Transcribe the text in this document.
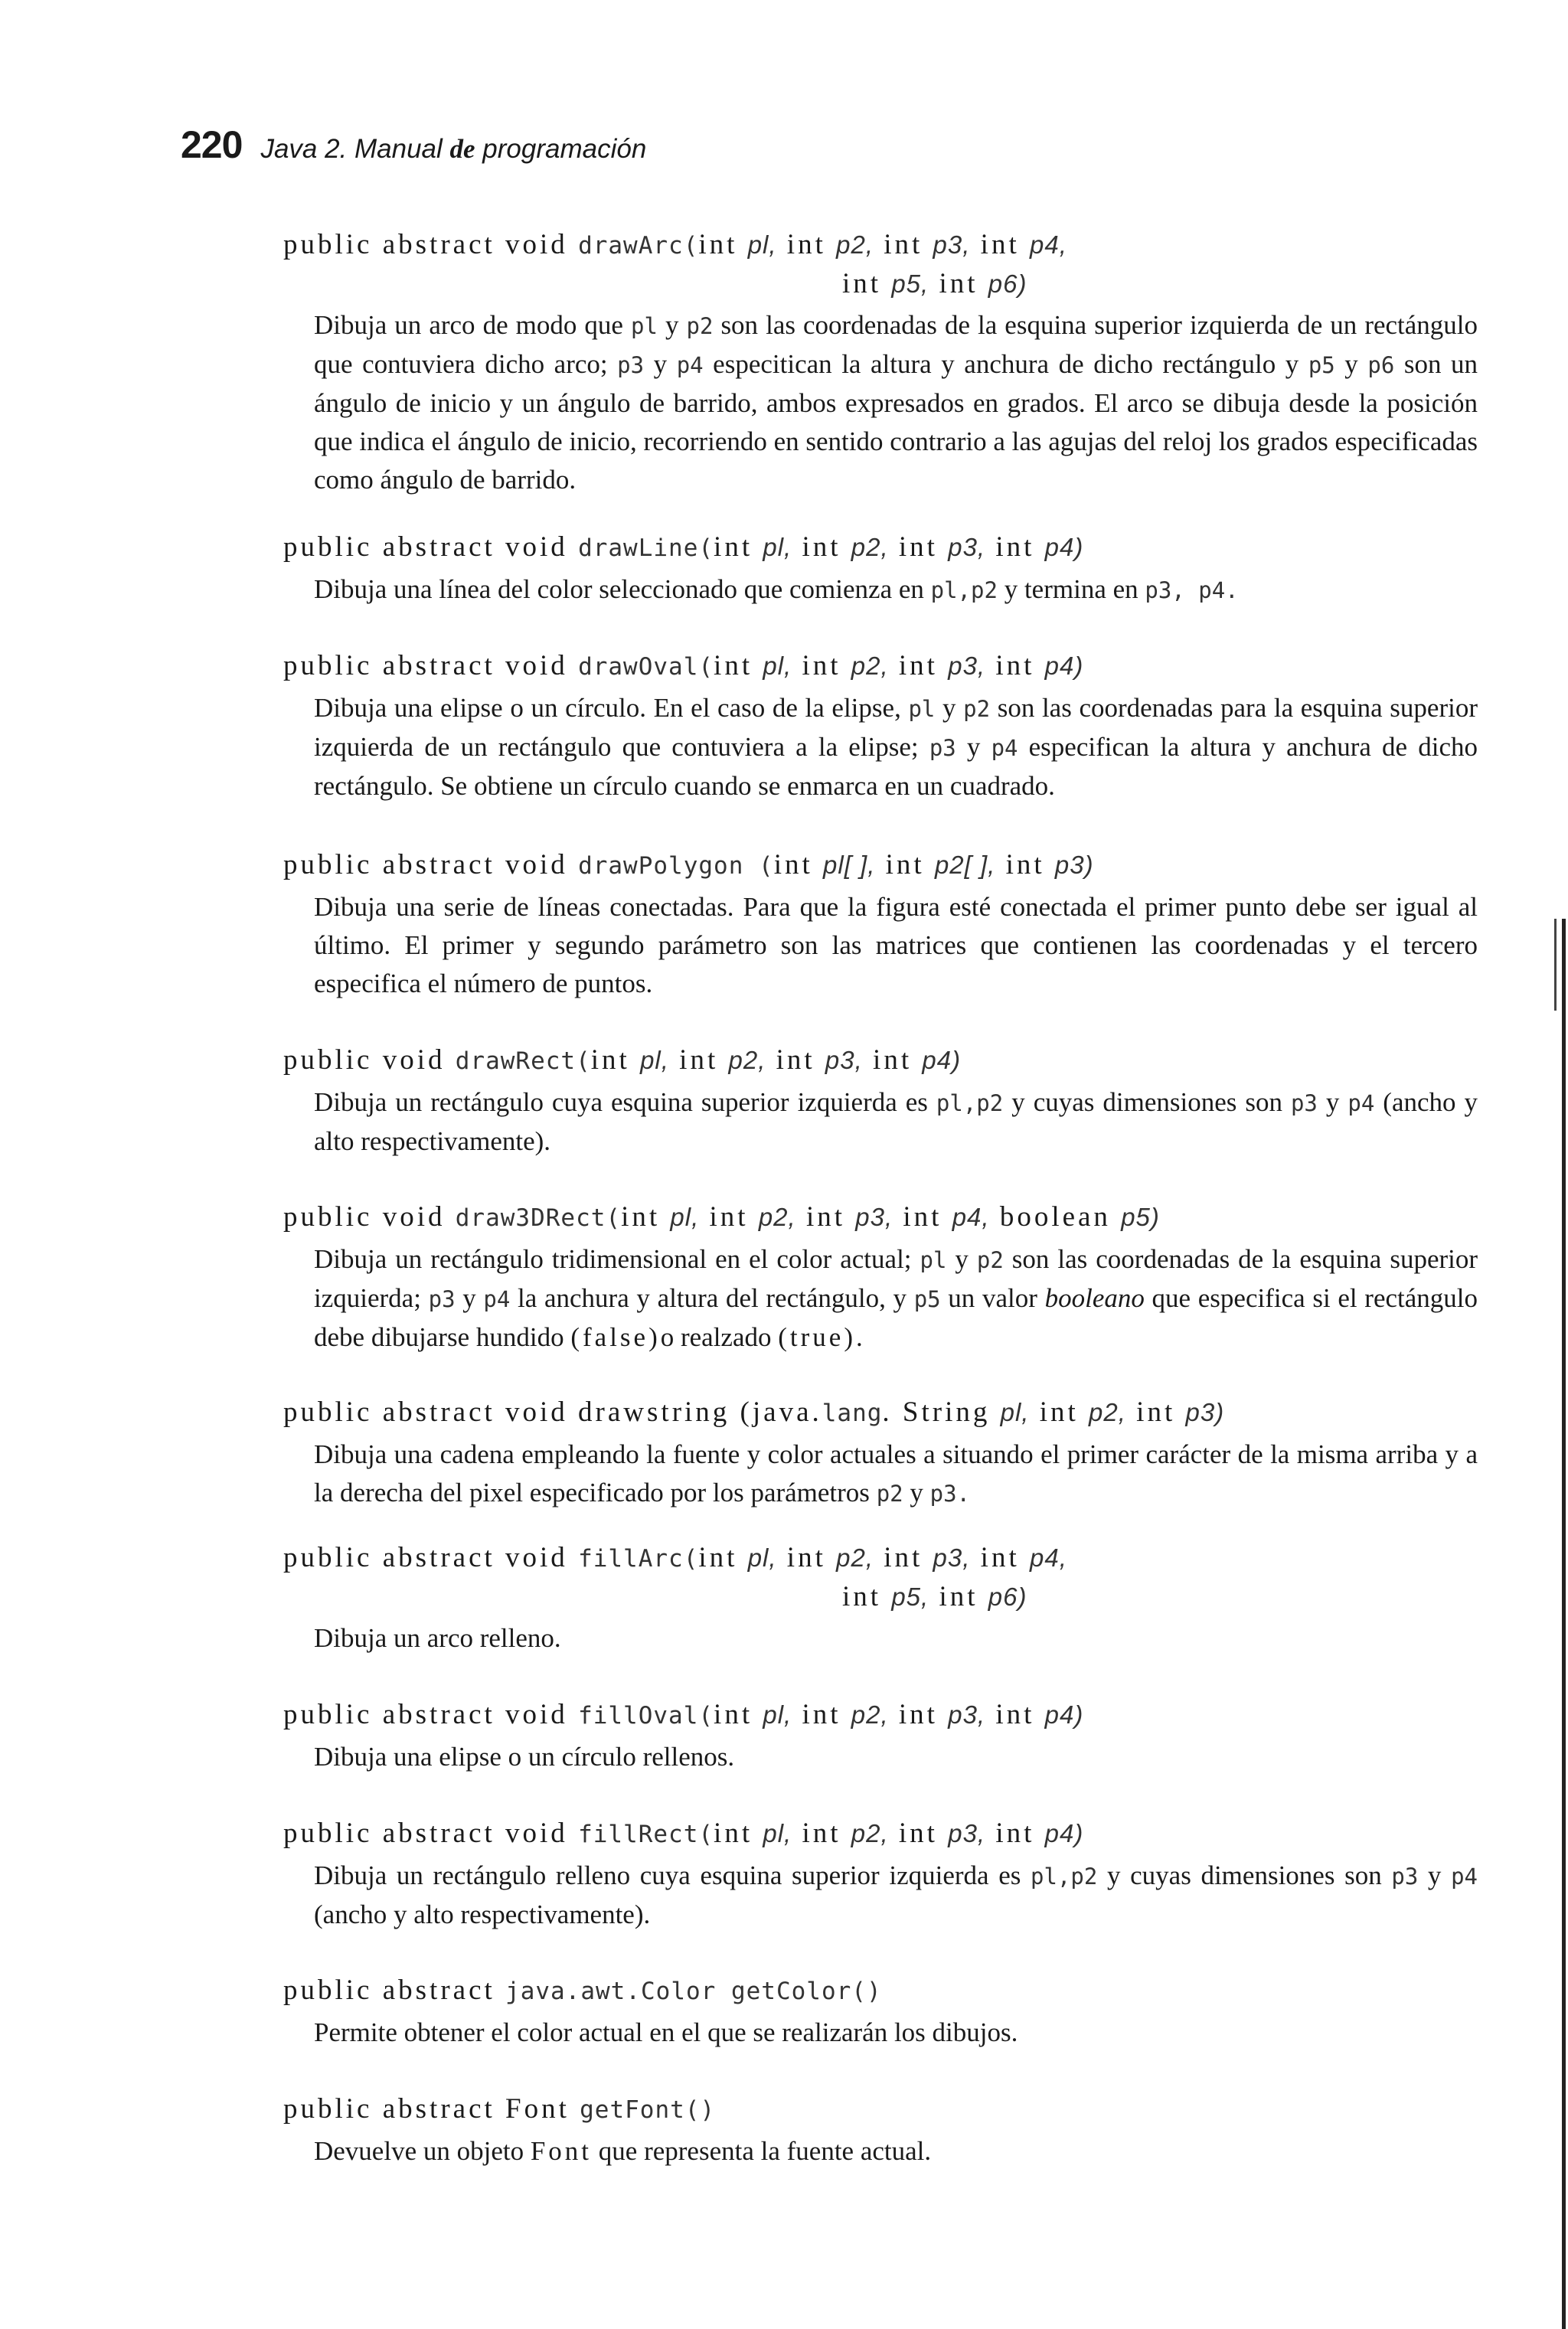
220 Java 2. Manual de programación
public abstract void drawArc(int pl, int p2, int p3, int p4,
int p5, int p6)
Dibuja un arco de modo que pl y p2 son las coordenadas de la esquina superior izquierda de un rectángulo que contuviera dicho arco; p3 y p4 especitican la altura y anchura de dicho rectángulo y p5 y p6 son un ángulo de inicio y un ángulo de barrido, ambos expresados en grados. El arco se dibuja desde la posición que indica el ángulo de inicio, recorriendo en sentido contrario a las agujas del reloj los grados especificadas como ángulo de barrido.
public abstract void drawLine(int pl, int p2, int p3, int p4)
Dibuja una línea del color seleccionado que comienza en pl,p2 y termina en p3, p4.
public abstract void drawOval(int pl, int p2, int p3, int p4)
Dibuja una elipse o un círculo. En el caso de la elipse, pl y p2 son las coordenadas para la esquina superior izquierda de un rectángulo que contuviera a la elipse; p3 y p4 especifican la altura y anchura de dicho rectángulo. Se obtiene un círculo cuando se enmarca en un cuadrado.
public abstract void drawPolygon (int pl[ ], int p2[ ], int p3)
Dibuja una serie de líneas conectadas. Para que la figura esté conectada el primer punto debe ser igual al último. El primer y segundo parámetro son las matrices que contienen las coordenadas y el tercero especifica el número de puntos.
public void drawRect(int pl, int p2, int p3, int p4)
Dibuja un rectángulo cuya esquina superior izquierda es pl,p2 y cuyas dimensiones son p3 y p4 (ancho y alto respectivamente).
public void draw3DRect(int pl, int p2, int p3, int p4, boolean p5)
Dibuja un rectángulo tridimensional en el color actual; pl y p2 son las coordenadas de la esquina superior izquierda; p3 y p4 la anchura y altura del rectángulo, y p5 un valor booleano que especifica si el rectángulo debe dibujarse hundido (false)o realzado (true).
public abstract void drawstring (java.lang. String pl, int p2, int p3)
Dibuja una cadena empleando la fuente y color actuales a situando el primer carácter de la misma arriba y a la derecha del pixel especificado por los parámetros p2 y p3.
public abstract void fillArc(int pl, int p2, int p3, int p4,
int p5, int p6)
Dibuja un arco relleno.
public abstract void fillOval(int pl, int p2, int p3, int p4)
Dibuja una elipse o un círculo rellenos.
public abstract void fillRect(int pl, int p2, int p3, int p4)
Dibuja un rectángulo relleno cuya esquina superior izquierda es pl,p2 y cuyas dimensiones son p3 y p4 (ancho y alto respectivamente).
public abstract java.awt.Color getColor()
Permite obtener el color actual en el que se realizarán los dibujos.
public abstract Font getFont()
Devuelve un objeto Font que representa la fuente actual.
